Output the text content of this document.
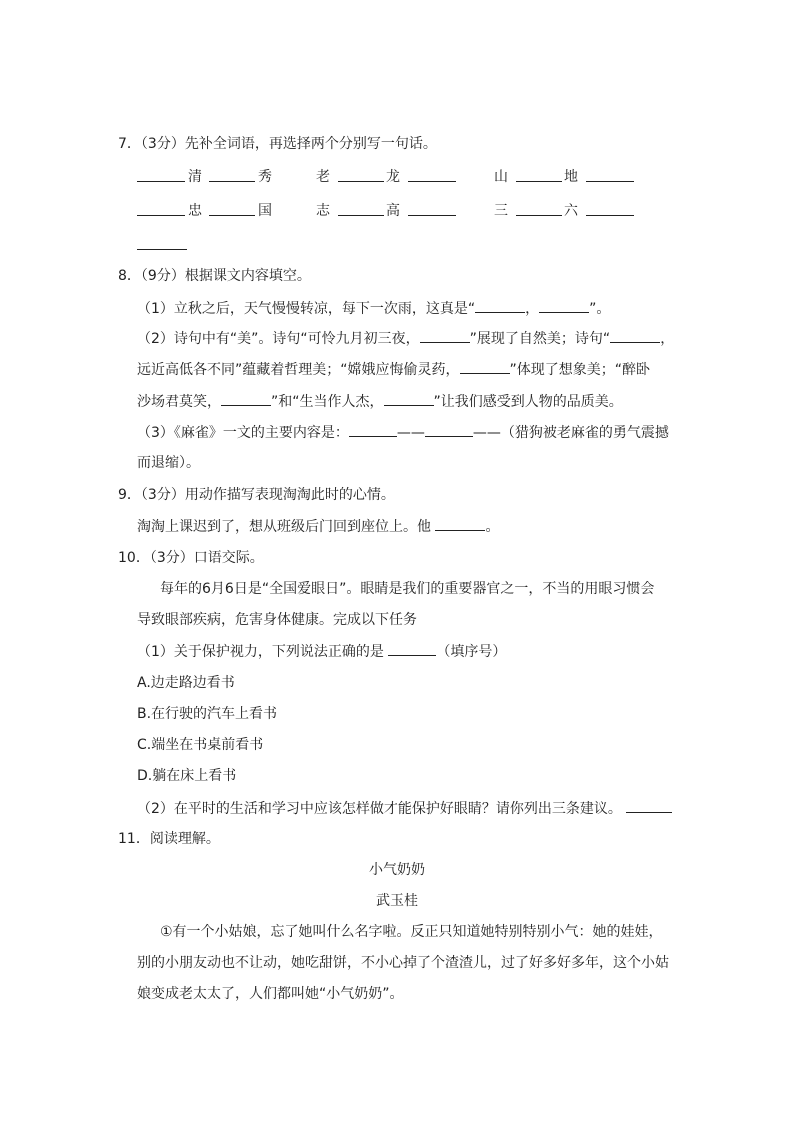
7．（3分）先补全词语，再选择两个分别写一句话。
清	秀	老	龙	山	地
忠	国	志	高	三	六
8．（9分）根据课文内容填空。
（1）立秋之后，天气慢慢转凉，每下一次雨，这真是“	，	”。
（2）诗句中有“美”。诗句“可怜九月初三夜，	”展现了自然美；诗句“	，
远近高低各不同”蕴藏着哲理美；“嫦娥应悔偷灵药，	”体现了想象美；“醉卧
沙场君莫笑，	”和“生当作人杰，	”让我们感受到人物的品质美。
（3）《麻雀》一文的主要内容是：	——	——（猎狗被老麻雀的勇气震撼
而退缩）。
9．（3分）用动作描写表现淘淘此时的心情。
淘淘上课迟到了，想从班级后门回到座位上。他	。
10．（3分）口语交际。
每年的6月6日是“全国爱眼日”。眼睛是我们的重要器官之一，不当的用眼习惯会
导致眼部疾病，危害身体健康。完成以下任务
（1）关于保护视力，下列说法正确的是	（填序号）
A.边走路边看书
B.在行驶的汽车上看书
C.端坐在书桌前看书
D.躺在床上看书
（2）在平时的生活和学习中应该怎样做才能保护好眼睛？请你列出三条建议。
11．阅读理解。
小气奶奶
武玉桂
①有一个小姑娘，忘了她叫什么名字啦。反正只知道她特别特别小气：她的娃娃，
别的小朋友动也不让动，她吃甜饼，不小心掉了个渣渣儿，过了好多好多年，这个小姑
娘变成老太太了，人们都叫她“小气奶奶”。
